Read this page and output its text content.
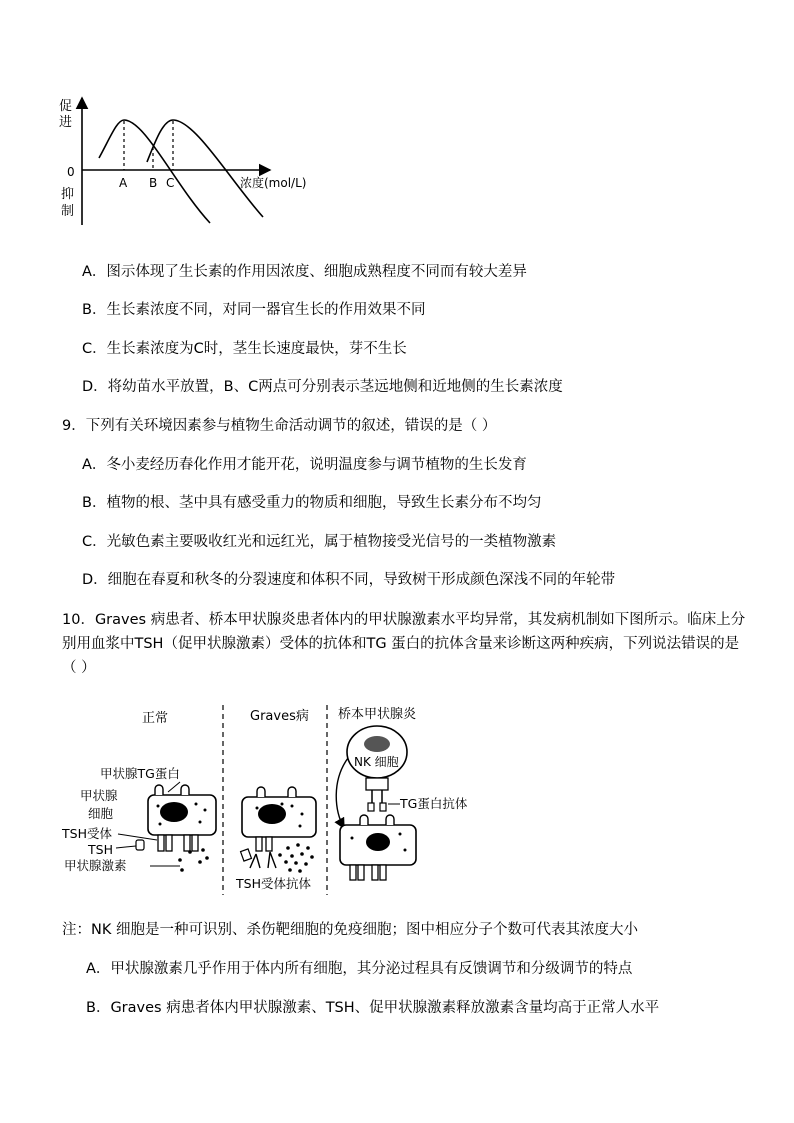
促
进
0
抑
制
A B C	浓度(mol/L)
A．图示体现了生长素的作用因浓度、细胞成熟程度不同而有较大差异
B．生长素浓度不同，对同一器官生长的作用效果不同
C．生长素浓度为C时，茎生长速度最快，芽不生长
D．将幼苗水平放置，B、C两点可分别表示茎远地侧和近地侧的生长素浓度
9．下列有关环境因素参与植物生命活动调节的叙述，错误的是（ ）
A．冬小麦经历春化作用才能开花，说明温度参与调节植物的生长发育
B．植物的根、茎中具有感受重力的物质和细胞，导致生长素分布不均匀
C．光敏色素主要吸收红光和远红光，属于植物接受光信号的一类植物激素
D．细胞在春夏和秋冬的分裂速度和体积不同，导致树干形成颜色深浅不同的年轮带
10．Graves 病患者、桥本甲状腺炎患者体内的甲状腺激素水平均异常，其发病机制如下图所示。临床上分别用血浆中TSH（促甲状腺激素）受体的抗体和TG 蛋白的抗体含量来诊断这两种疾病，下列说法错误的是（ ）
正常	Graves病 桥本甲状腺炎
甲状腺TG蛋白
甲状腺
细胞
TSH受体
TSH
甲状腺激素
TSH受体抗体
NK 细胞
TG蛋白抗体
注：NK 细胞是一种可识别、杀伤靶细胞的免疫细胞；图中相应分子个数可代表其浓度大小
A．甲状腺激素几乎作用于体内所有细胞，其分泌过程具有反馈调节和分级调节的特点
B．Graves 病患者体内甲状腺激素、TSH、促甲状腺激素释放激素含量均高于正常人水平
